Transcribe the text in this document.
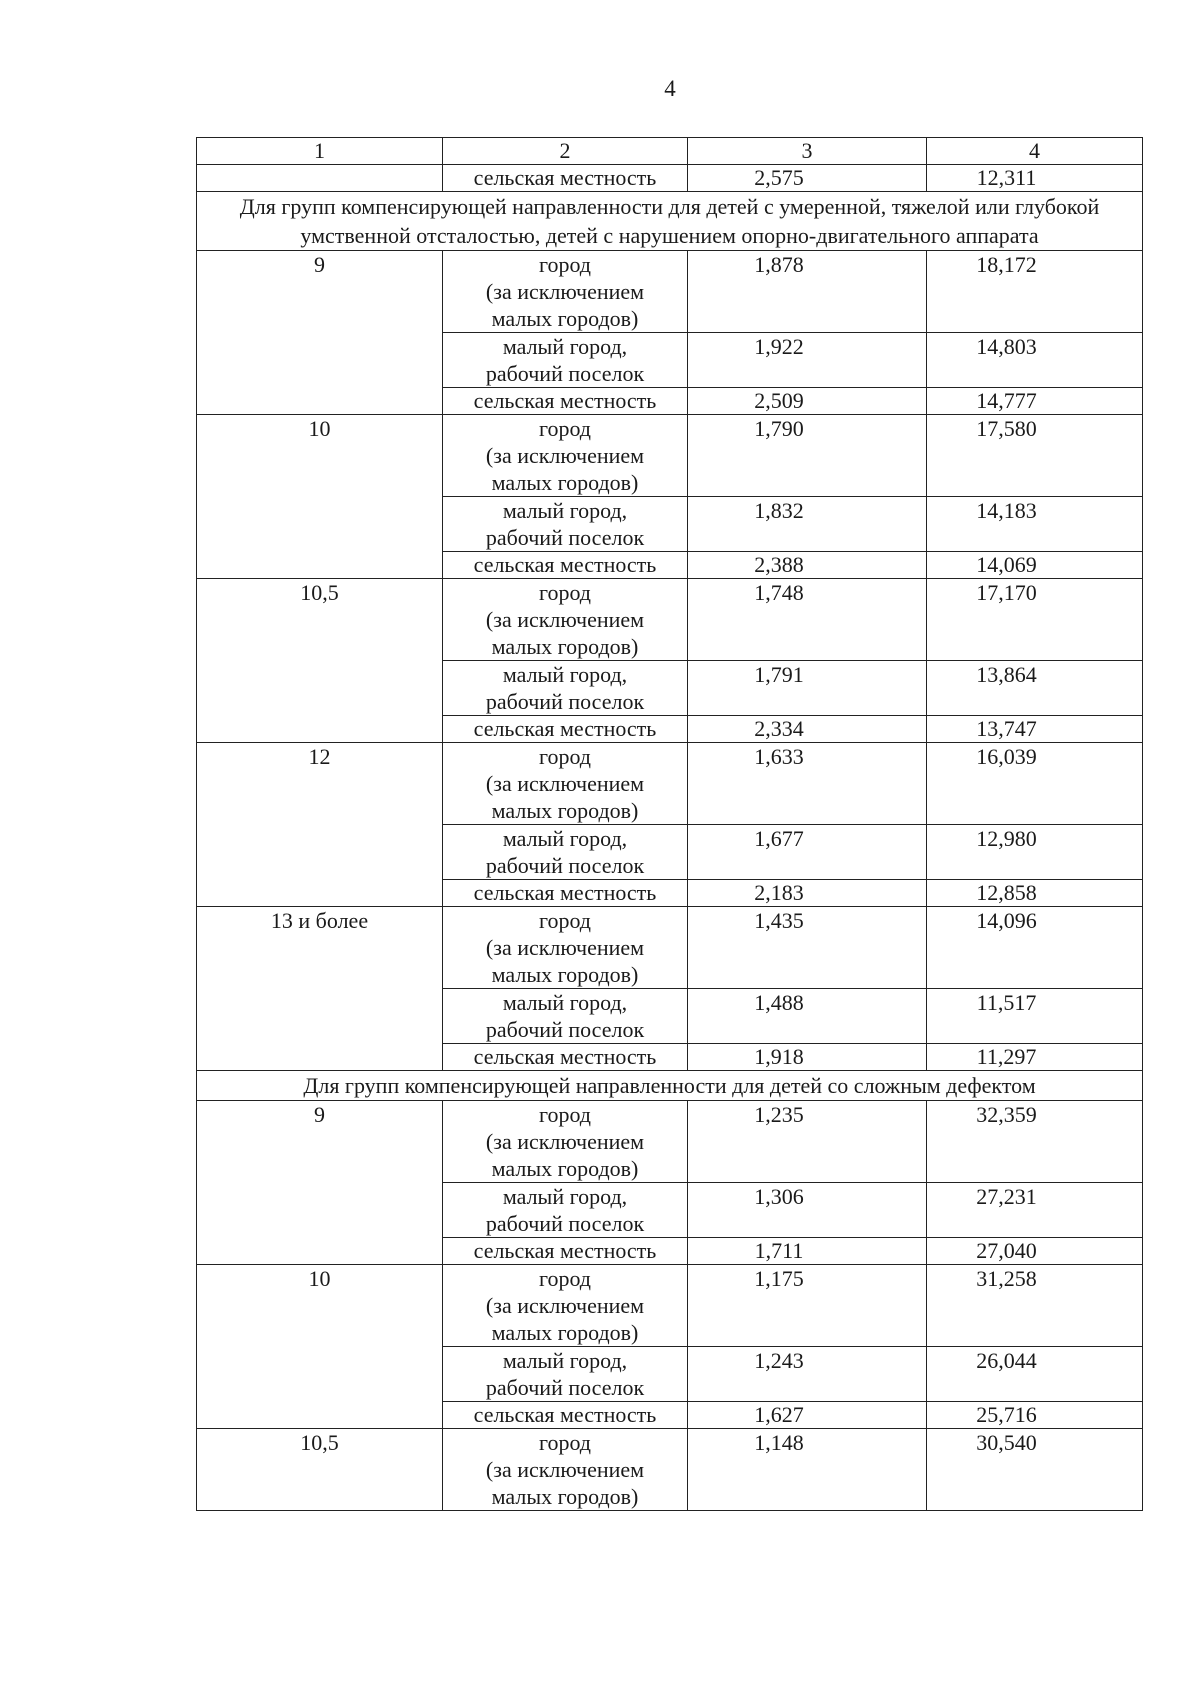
4
1	2	3	4
	сельская местность	2,575	12,311
Для групп компенсирующей направленности для детей с умеренной, тяжелой или глубокой умственной отсталостью, детей с нарушением опорно-двигательного аппарата			
9	город
(за исключением
малых городов)	1,878	18,172

	малый город,
рабочий поселок	1,922	14,803
	сельская местность	2,509	14,777
10	город
(за исключением
малых городов)	1,790	17,580

	малый город,
рабочий поселок	1,832	14,183
	сельская местность	2,388	14,069
10,5	город
(за исключением
малых городов)	1,748	17,170

	малый город,
рабочий поселок	1,791	13,864
	сельская местность	2,334	13,747
12	город
(за исключением
малых городов)	1,633	16,039

	малый город,
рабочий поселок	1,677	12,980
	сельская местность	2,183	12,858
13 и более	город
(за исключением
малых городов)	1,435	14,096

	малый город,
рабочий поселок	1,488	11,517
	сельская местность	1,918	11,297
Для групп компенсирующей направленности для детей со сложным дефектом			
9	город
(за исключением
малых городов)	1,235	32,359

	малый город,
рабочий поселок	1,306	27,231
	сельская местность	1,711	27,040
10	город
(за исключением
малых городов)	1,175	31,258

	малый город,
рабочий поселок	1,243	26,044
	сельская местность	1,627	25,716
10,5	город
(за исключением
малых городов)	1,148	30,540
